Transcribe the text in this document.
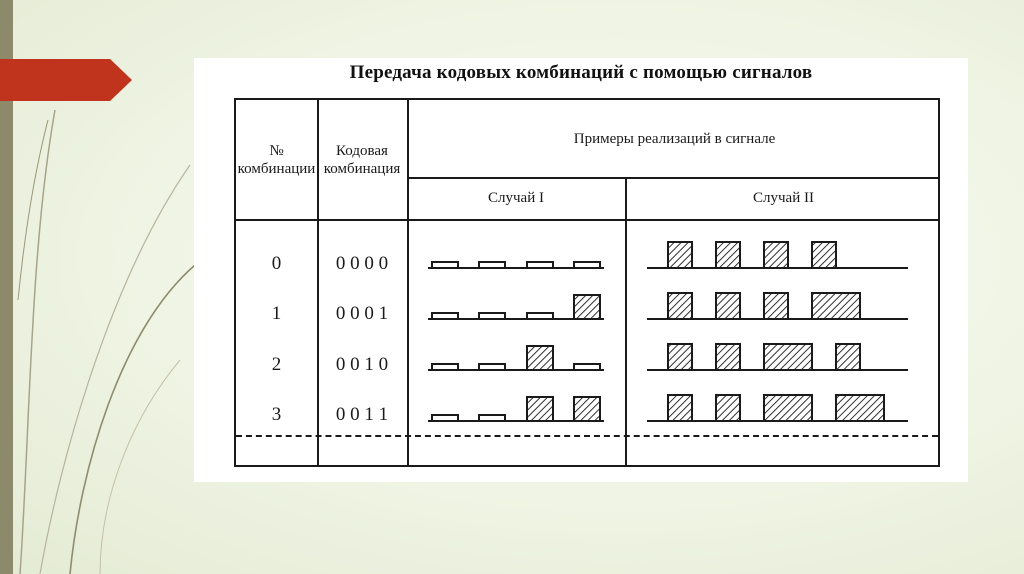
Передача кодовых комбинаций с помощью сигналов
№
комбинации
Кодовая
комбинация
Примеры реализаций в сигнале
Случай I	Случай II
0	0 0 0 0
1	0 0 0 1
2	0 0 1 0
3	0 0 1 1
